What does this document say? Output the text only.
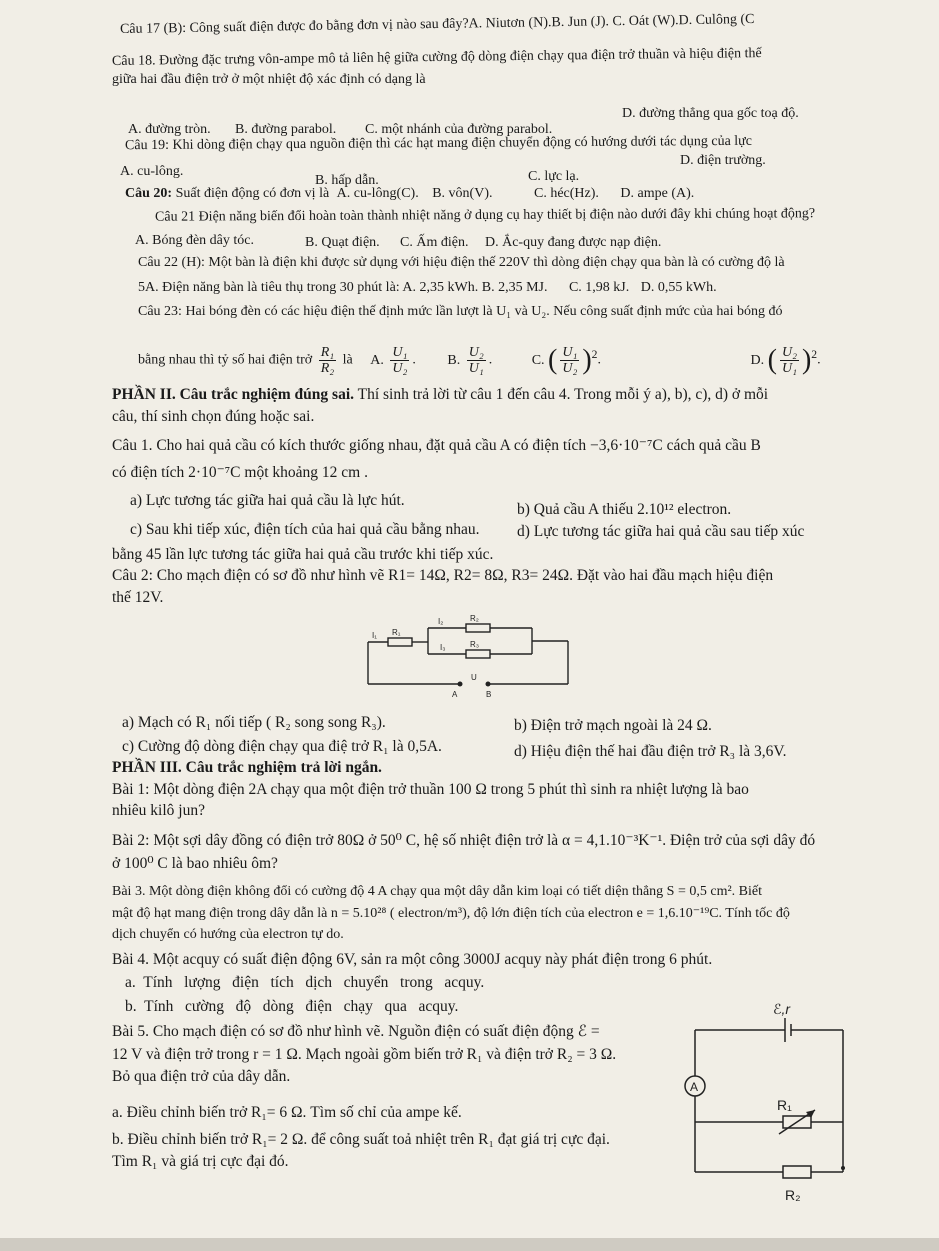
Câu 17 (B): Công suất điện được đo bằng đơn vị nào sau đây?A. Niutơn (N).B. Jun (J). C. Oát (W).D. Culông (C
Câu 18. Đường đặc trưng vôn-ampe mô tả liên hệ giữa cường độ dòng điện chạy qua điện trở thuần và hiệu điện thế
giữa hai đầu điện trở ở một nhiệt độ xác định có dạng là
A. đường tròn. B. đường parabol. C. một nhánh của đường parabol.
D. đường thẳng qua gốc toạ độ.
Câu 19: Khi dòng điện chạy qua nguồn điện thì các hạt mang điện chuyển động có hướng dưới tác dụng của lực
A. cu-lông.
B. hấp dẫn.	C. lực lạ.
D. điện trường.
Câu 20: Suất điện động có đơn vị là A. cu-lông(C). B. vôn(V).	C. héc(Hz). D. ampe (A).
Câu 21 Điện năng biến đổi hoàn toàn thành nhiệt năng ở dụng cụ hay thiết bị điện nào dưới đây khi chúng hoạt động?
A. Bóng đèn dây tóc.	B. Quạt điện. C. Ấm điện. D. Ắc-quy đang được nạp điện.
Câu 22 (H): Một bàn là điện khi được sử dụng với hiệu điện thế 220V thì dòng điện chạy qua bàn là có cường độ là
5A. Điện năng bàn là tiêu thụ trong 30 phút là: A. 2,35 kWh. B. 2,35 MJ. C. 1,98 kJ. D. 0,55 kWh.
Câu 23: Hai bóng đèn có các hiệu điện thế định mức lần lượt là U₁ và U₂. Nếu công suất định mức của hai bóng đó
bằng nhau thì tỷ số hai điện trở $\frac{\text{R₁}}{\text{R₂}}$ là A. $\frac{\text{U₁}}{\text{U₂}}$ . B. $\frac{\text{U₂}}{\text{U₁}}$ .	C. ( $\frac{\text{U₁}}{\text{U₂}} )^2$.	D. ( $\frac{\text{U₂}}{\text{U₁}} )^2$.
PHẦN II. Câu trắc nghiệm đúng sai. Thí sinh trả lời từ câu 1 đến câu 4. Trong mỗi ý a), b), c), d) ở mỗi
câu, thí sinh chọn đúng hoặc sai.
Câu 1. Cho hai quả cầu có kích thước giống nhau, đặt quả cầu A có điện tích −3,6·10⁻⁷C cách quả cầu B
có điện tích 2·10⁻⁷C một khoảng 12 cm .
a) Lực tương tác giữa hai quả cầu là lực hút.
b) Quả cầu A thiếu 2.10¹² electron.
c) Sau khi tiếp xúc, điện tích của hai quả cầu bằng nhau. d) Lực tương tác giữa hai quả cầu sau tiếp xúc
bằng 45 lần lực tương tác giữa hai quả cầu trước khi tiếp xúc.
Câu 2: Cho mạch điện có sơ đồ như hình vẽ R1= 14Ω, R2= 8Ω, R3= 24Ω. Đặt vào hai đầu mạch hiệu điện
thế 12V.
I₁ R₁
I₂	R₂
I₃	R₃
U
A	B
a) Mạch có R₁ nối tiếp ( R₂ song song R₃).	b) Điện trở mạch ngoài là 24 Ω.
c) Cường độ dòng điện chạy qua điệ trở R₁ là 0,5A.	d) Hiệu điện thế hai đầu điện trở R₃ là 3,6V.
PHẦN III. Câu trắc nghiệm trả lời ngắn.
Bài 1: Một dòng điện 2A chạy qua một điện trở thuần 100 Ω trong 5 phút thì sinh ra nhiệt lượng là bao
nhiêu kilô jun?
Bài 2: Một sợi dây đồng có điện trở 80Ω ở 50⁰ C, hệ số nhiệt điện trở là α = 4,1.10⁻³K⁻¹. Điện trở của sợi dây đó
ở 100⁰ C là bao nhiêu ôm?
Bài 3. Một dòng điện không đổi có cường độ 4 A chạy qua một dây dẫn kim loại có tiết diện thẳng S = 0,5 cm². Biết
mật độ hạt mang điện trong dây dẫn là n = 5.10²⁸ ( electron/m³), độ lớn điện tích của electron e = 1,6.10⁻¹⁹C. Tính tốc độ
dịch chuyển có hướng của electron tự do.
Bài 4. Một acquy có suất điện động 6V, sản ra một công 3000J acquy này phát điện trong 6 phút.
a.  Tính   lượng   điện   tích   dịch   chuyển   trong   acquy.
b.  Tính   cường   độ   dòng   điện   chạy   qua   acquy.
Bài 5. Cho mạch điện có sơ đồ như hình vẽ. Nguồn điện có suất điện động ℰ =
12 V và điện trở trong r = 1 Ω. Mạch ngoài gồm biến trở R₁ và điện trở R₂ = 3 Ω.
Bỏ qua điện trở của dây dẫn.
a. Điều chỉnh biến trở R₁= 6 Ω. Tìm số chỉ của ampe kế.
b. Điều chỉnh biến trở R₁= 2 Ω. để công suất toả nhiệt trên R₁ đạt giá trị cực đại.
Tìm R₁ và giá trị cực đại đó.
ℰ,r
A
R₁
R₂
